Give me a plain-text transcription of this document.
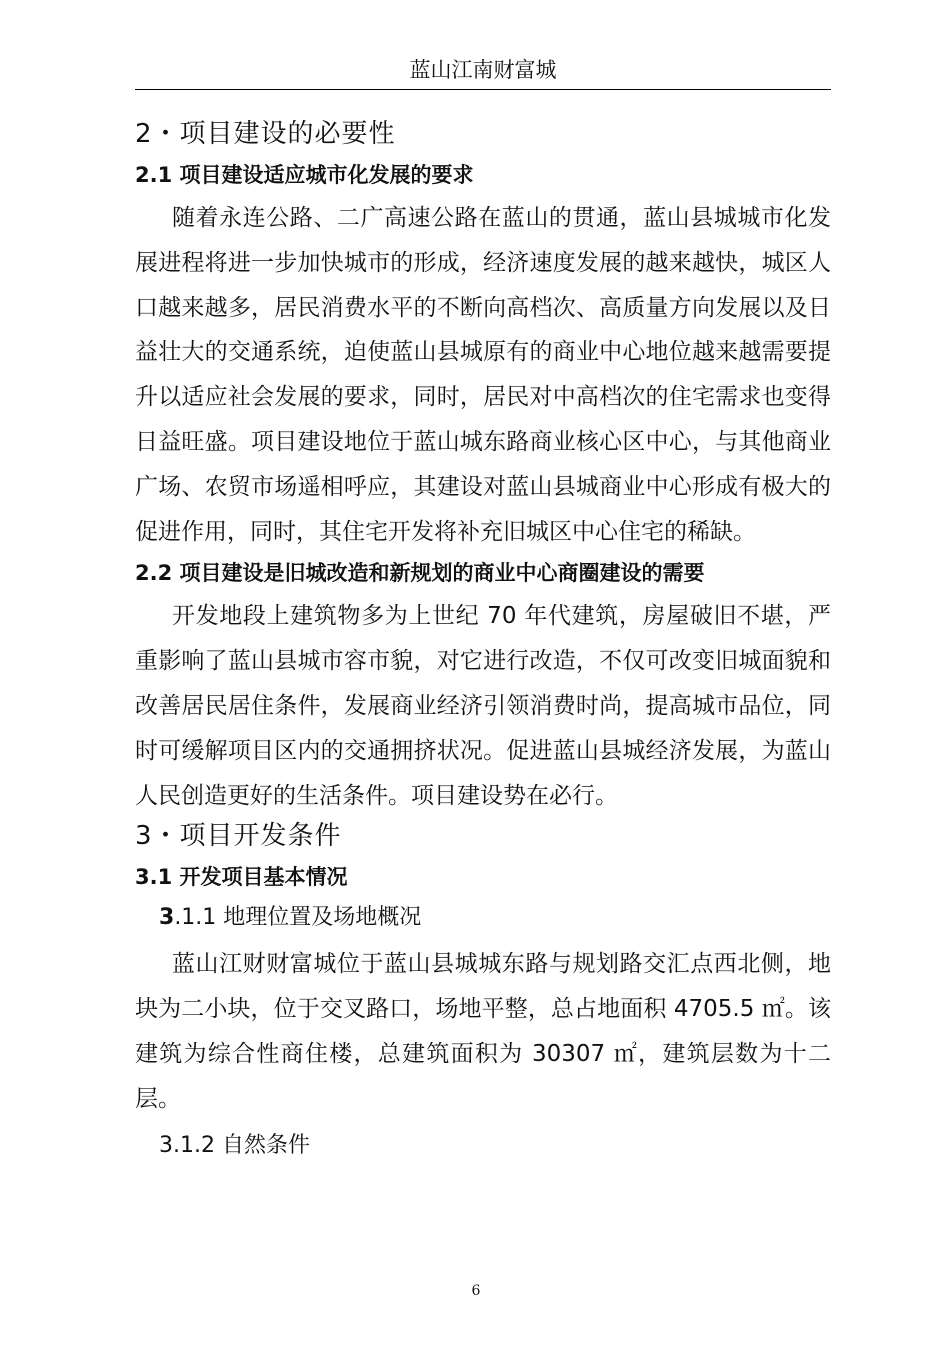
蓝山江南财富城
2・项目建设的必要性
2.1 项目建设适应城市化发展的要求

随着永连公路、二广高速公路在蓝山的贯通，蓝山县城城市化发展进程将进一步加快城市的形成，经济速度发展的越来越快，城区人口越来越多，居民消费水平的不断向高档次、高质量方向发展以及日益壮大的交通系统，迫使蓝山县城原有的商业中心地位越来越需要提升以适应社会发展的要求，同时，居民对中高档次的住宅需求也变得日益旺盛。项目建设地位于蓝山城东路商业核心区中心，与其他商业广场、农贸市场遥相呼应，其建设对蓝山县城商业中心形成有极大的促进作用，同时，其住宅开发将补充旧城区中心住宅的稀缺。

2.2 项目建设是旧城改造和新规划的商业中心商圈建设的需要

开发地段上建筑物多为上世纪 70 年代建筑，房屋破旧不堪，严重影响了蓝山县城市容市貌，对它进行改造，不仅可改变旧城面貌和改善居民居住条件，发展商业经济引领消费时尚，提高城市品位，同时可缓解项目区内的交通拥挤状况。促进蓝山县城经济发展，为蓝山人民创造更好的生活条件。项目建设势在必行。

3・项目开发条件
3.1 开发项目基本情况
3.1.1 地理位置及场地概况

蓝山江财财富城位于蓝山县城城东路与规划路交汇点西北侧，地块为二小块，位于交叉路口，场地平整，总占地面积 4705.5 ㎡。该建筑为综合性商住楼，总建筑面积为 30307 ㎡，建筑层数为十二层。

3.1.2 自然条件
6
